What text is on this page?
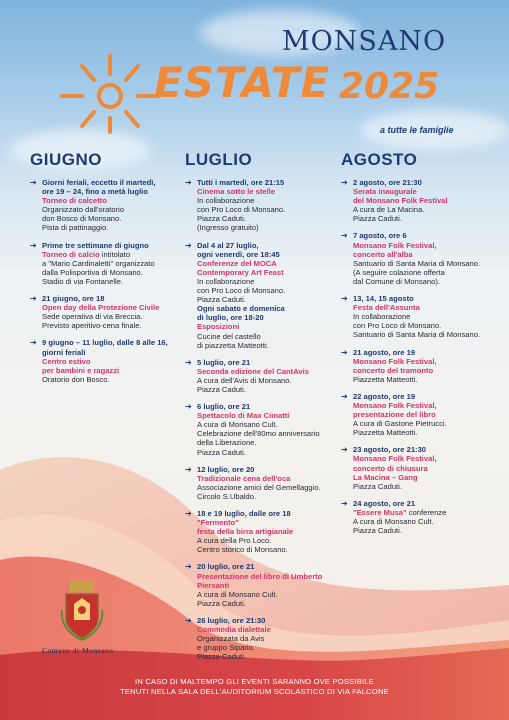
MONSANO
ESTATE 2025
a tutte le famiglie
GIUGNO
➔ Giorni feriali, eccetto il martedì,
ore 19 – 24, fino a metà luglio
Torneo di calcetto
Organizzato dall'oratorio
don Bosco di Monsano.
Pista di pattinaggio.
➔ Prime tre settimane di giugno
Torneo di calcio intitolato
a "Mario Cardinaletti" organizzato
dalla Polisportiva di Monsano.
Stadio di via Fontanelle.
➔ 21 giugno, ore 18
Open day della Protezione Civile
Sede operativa di via Breccia.
Previsto aperitivo-cena finale.
➔ 9 giugno – 11 luglio, dalle 8 alle 16,
giorni feriali
Centro estivo
per bambini e ragazzi
Oratorio don Bosco.
LUGLIO
➔ Tutti i martedì, ore 21:15
Cinema sotto le stelle
In collaborazione
con Pro Loco di Monsano.
Piazza Caduti.
(Ingresso gratuito)
➔ Dal 4 al 27 luglio,
ogni venerdì, ore 18:45
Conferenze del MOCA
Contemporary Art Feast
In collaborazione
con Pro Loco di Monsano.
Piazza Caduti.
Ogni sabato e domenica
di luglio, ore 18-20
Esposizioni
Cucine del castello
di piazzetta Matteotti.
➔ 5 luglio, ore 21
Seconda edizione del CantAvis
A cura dell'Avis di Monsano.
Piazza Caduti.
➔ 6 luglio, ore 21
Spettacolo di Max Cimatti
A cura di Monsano Cult.
Celebrazione dell'80mo anniversario
della Liberazione.
Piazza Caduti.
➔ 12 luglio, ore 20
Tradizionale cena dell'oca
Associazione amici del Gemellaggio.
Circolo S.Ubaldo.
➔ 18 e 19 luglio, dalle ore 18
"Fermento"
festa della birra artigianale
A cura della Pro Loco.
Centro storico di Monsano.
➔ 20 luglio, ore 21
Presentazione del libro di Umberto
Piersanti
A cura di Monsano Cult.
Piazza Caduti.
➔ 26 luglio, ore 21:30
Commedia dialettale
Organizzata da Avis
e gruppo Sipario.
Piazza Caduti.
AGOSTO
➔ 2 agosto, ore 21:30
Serata inaugurale
del Monsano Folk Festival
A cura de La Macina.
Piazza Caduti.
➔ 7 agosto, ore 6
Monsano Folk Festival,
concerto all'alba
Santuario di Santa Maria di Monsano.
(A seguire colazione offerta
dal Comune di Monsano).
➔ 13, 14, 15 agosto
Festa dell'Assunta
In collaborazione
con Pro Loco di Monsano.
Santuario di Santa Maria di Monsano.
➔ 21 agosto, ore 19
Monsano Folk Festival,
concerto del tramonto
Piazzetta Matteotti.
➔ 22 agosto, ore 19
Monsano Folk Festival,
presentazione del libro
A cura di Gastone Pietrucci.
Piazzetta Matteotti.
➔ 23 agosto, ore 21:30
Monsano Folk Festival,
concerto di chiusura
La Macina – Gang
Piazza Caduti.
➔ 24 agosto, ore 21
"Essere Musa" conferenze
A cura di Monsano Cult.
Piazza Caduti.
Comune di Monsano
IN CASO DI MALTEMPO GLI EVENTI SARANNO OVE POSSIBILE
TENUTI NELLA SALA DELL'AUDITORIUM SCOLASTICO DI VIA FALCONE
